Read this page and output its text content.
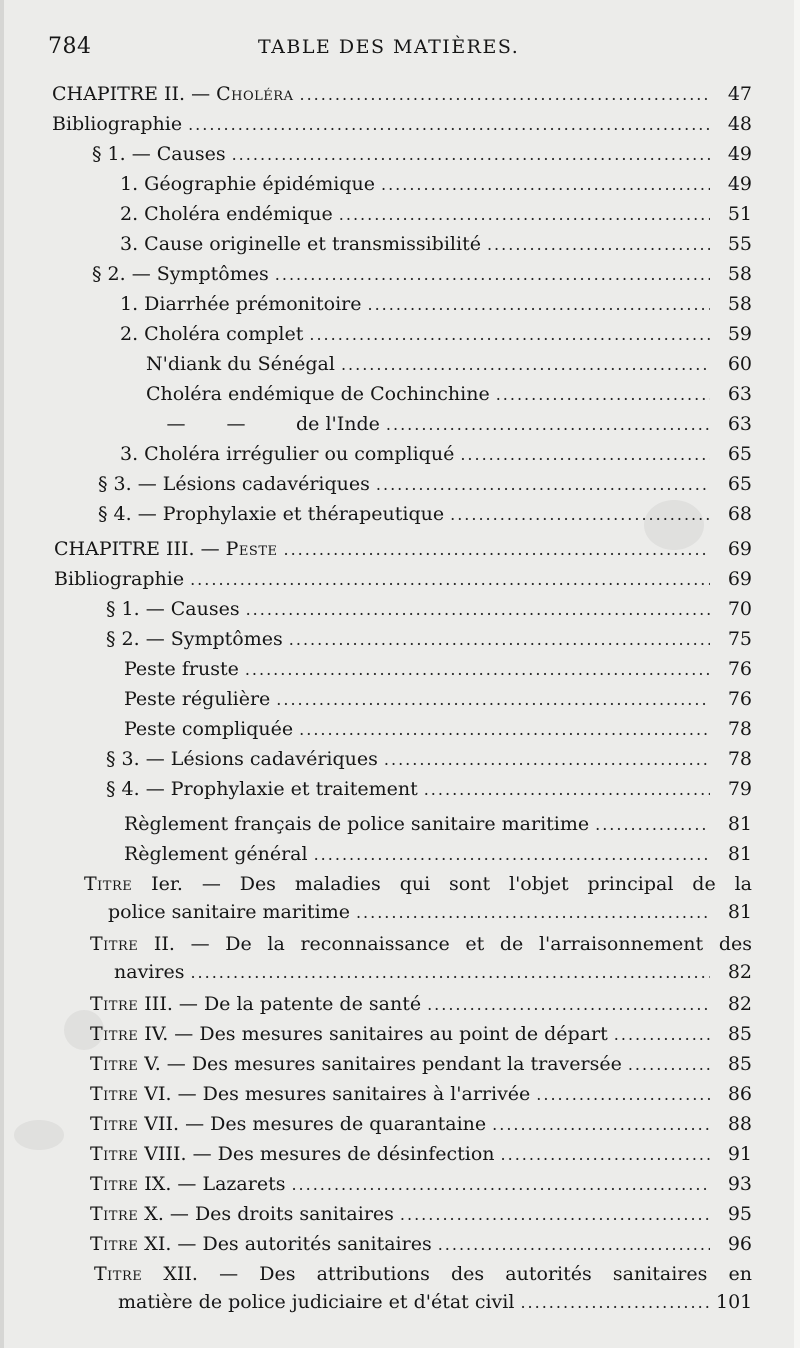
784	TABLE DES MATIÈRES.
CHAPITRE II. — Choléra .....	47
Bibliographie .....	48
§ 1. — Causes .....	49
1. Géographie épidémique .....	49
2. Choléra endémique .....	51
3. Cause originelle et transmissibilité .....	55
§ 2. — Symptômes .....	58
1. Diarrhée prémonitoire .....	58
2. Choléra complet .....	59
N'diank du Sénégal .....	60
Choléra endémique de Cochinchine .....	63
— —	de l'Inde .....	63
3. Choléra irrégulier ou compliqué .....	65
§ 3. — Lésions cadavériques .....	65
§ 4. — Prophylaxie et thérapeutique .....	68
CHAPITRE III. — Peste .....	69
Bibliographie .....	69
§ 1. — Causes .....	70
§ 2. — Symptômes .....	75
Peste fruste .....	76
Peste régulière .....	76
Peste compliquée .....	78
§ 3. — Lésions cadavériques .....	78
§ 4. — Prophylaxie et traitement .....	79
Règlement français de police sanitaire maritime .....	81
Règlement général .....	81
Titre Ier. — Des maladies qui sont l'objet principal de la
police sanitaire maritime .....	81
Titre II. — De la reconnaissance et de l'arraisonnement des
navires .....	82
Titre III. — De la patente de santé .....	82
Titre IV. — Des mesures sanitaires au point de départ .....	85
Titre V. — Des mesures sanitaires pendant la traversée .....	85
Titre VI. — Des mesures sanitaires à l'arrivée .....	86
Titre VII. — Des mesures de quarantaine .....	88
Titre VIII. — Des mesures de désinfection .....	91
Titre IX. — Lazarets .....	93
Titre X. — Des droits sanitaires .....	95
Titre XI. — Des autorités sanitaires .....	96
Titre XII. — Des attributions des autorités sanitaires en
matière de police judiciaire et d'état civil .....	101
